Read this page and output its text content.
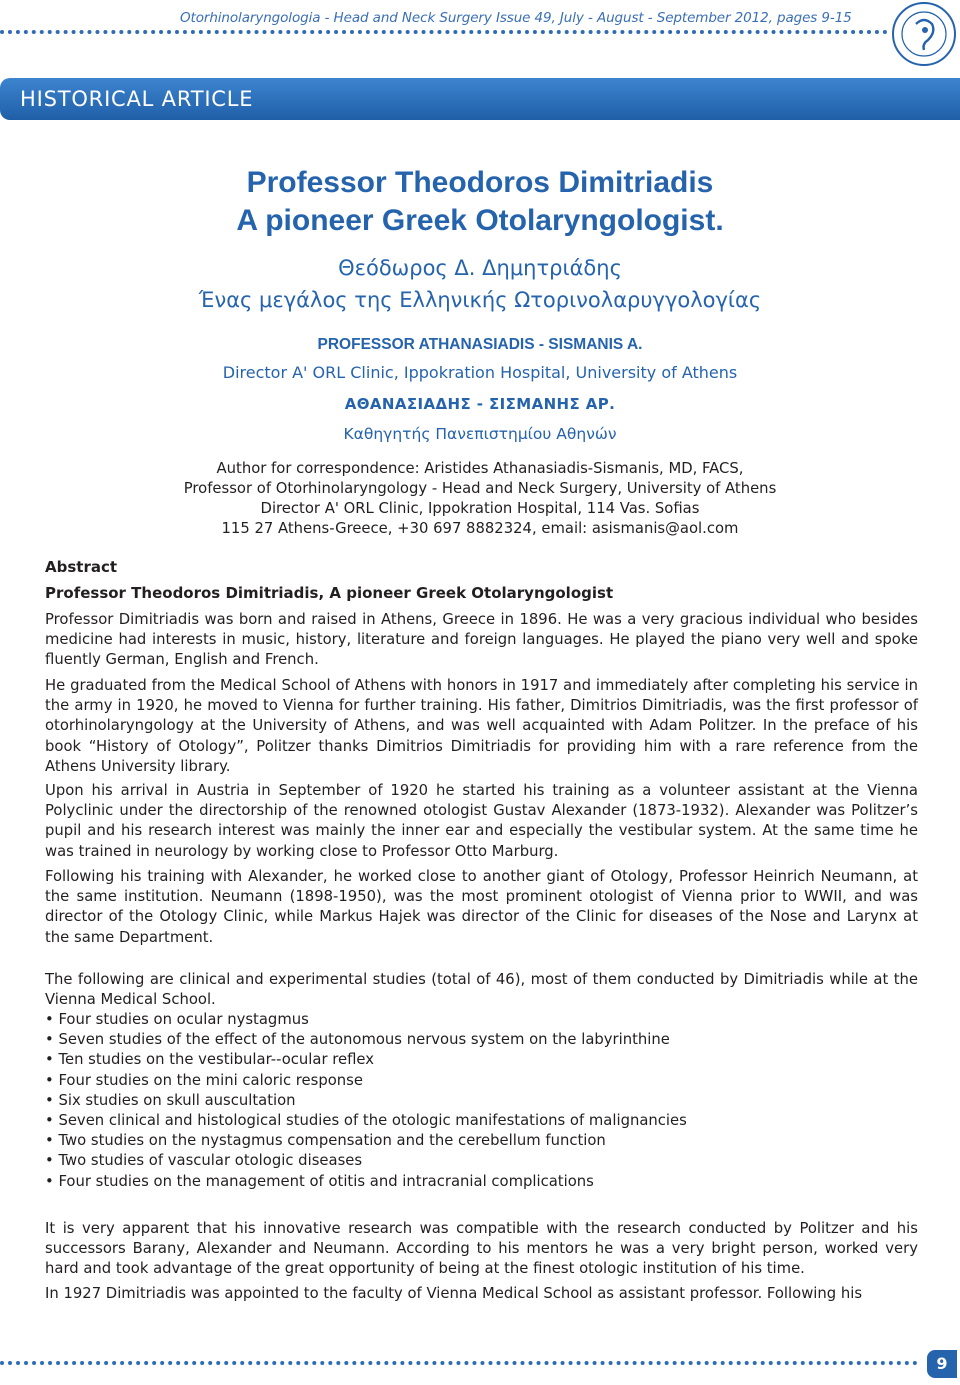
Otorhinolaryngologia - Head and Neck Surgery Issue 49, July - August - September 2012, pages 9-15
HISTORICAL ARTICLE
Professor Theodoros Dimitriadis
A pioneer Greek Otolaryngologist.
Θεόδωρος Δ. Δημητριάδης
Ένας μεγάλος της Ελληνικής Ωτορινολαρυγγολογίας
PROFESSOR ATHANASIADIS - SISMANIS A.
Director A' ORL Clinic, Ippokration Hospital, University of Athens
ΑΘΑΝΑΣΙΑΔΗΣ - ΣΙΣΜΑΝΗΣ ΑΡ.
Καθηγητής Πανεπιστημίου Αθηνών
Author for correspondence: Aristides Athanasiadis-Sismanis, MD, FACS,
Professor of Otorhinolaryngology - Head and Neck Surgery, University of Athens
Director A' ORL Clinic, Ippokration Hospital, 114 Vas. Sofias
115 27 Athens-Greece, +30 697 8882324, email: asismanis@aol.com
Abstract
Professor Theodoros Dimitriadis, A pioneer Greek Otolaryngologist

Professor Dimitriadis was born and raised in Athens, Greece in 1896. He was a very gracious individual who besides medicine had interests in music, history, literature and foreign languages. He played the piano very well and spoke fluently German, English and French.

He graduated from the Medical School of Athens with honors in 1917 and immediately after completing his service in the army in 1920, he moved to Vienna for further training. His father, Dimitrios Dimitriadis, was the first professor of otorhinolaryngology at the University of Athens, and was well acquainted with Adam Politzer. In the preface of his book “History of Otology”, Politzer thanks Dimitrios Dimitriadis for providing him with a rare reference from the Athens University library.

Upon his arrival in Austria in September of 1920 he started his training as a volunteer assistant at the Vienna Polyclinic under the directorship of the renowned otologist Gustav Alexander (1873-1932). Alexander was Politzer’s pupil and his research interest was mainly the inner ear and especially the vestibular system. At the same time he was trained in neurology by working close to Professor Otto Marburg.

Following his training with Alexander, he worked close to another giant of Otology, Professor Heinrich Neumann, at the same institution. Neumann (1898-1950), was the most prominent otologist of Vienna prior to WWII, and was director of the Otology Clinic, while Markus Hajek was director of the Clinic for diseases of the Nose and Larynx at the same Department.

The following are clinical and experimental studies (total of 46), most of them conducted by Dimitriadis while at the Vienna Medical School.

• Four studies on ocular nystagmus
• Seven studies of the effect of the autonomous nervous system on the labyrinthine
• Ten studies on the vestibular--ocular reflex
• Four studies on the mini caloric response
• Six studies on skull auscultation
• Seven clinical and histological studies of the otologic manifestations of malignancies
• Two studies on the nystagmus compensation and the cerebellum function
• Two studies of vascular otologic diseases
• Four studies on the management of otitis and intracranial complications

It is very apparent that his innovative research was compatible with the research conducted by Politzer and his successors Barany, Alexander and Neumann. According to his mentors he was a very bright person, worked very hard and took advantage of the great opportunity of being at the finest otologic institution of his time.

In 1927 Dimitriadis was appointed to the faculty of Vienna Medical School as assistant professor. Following his

9
